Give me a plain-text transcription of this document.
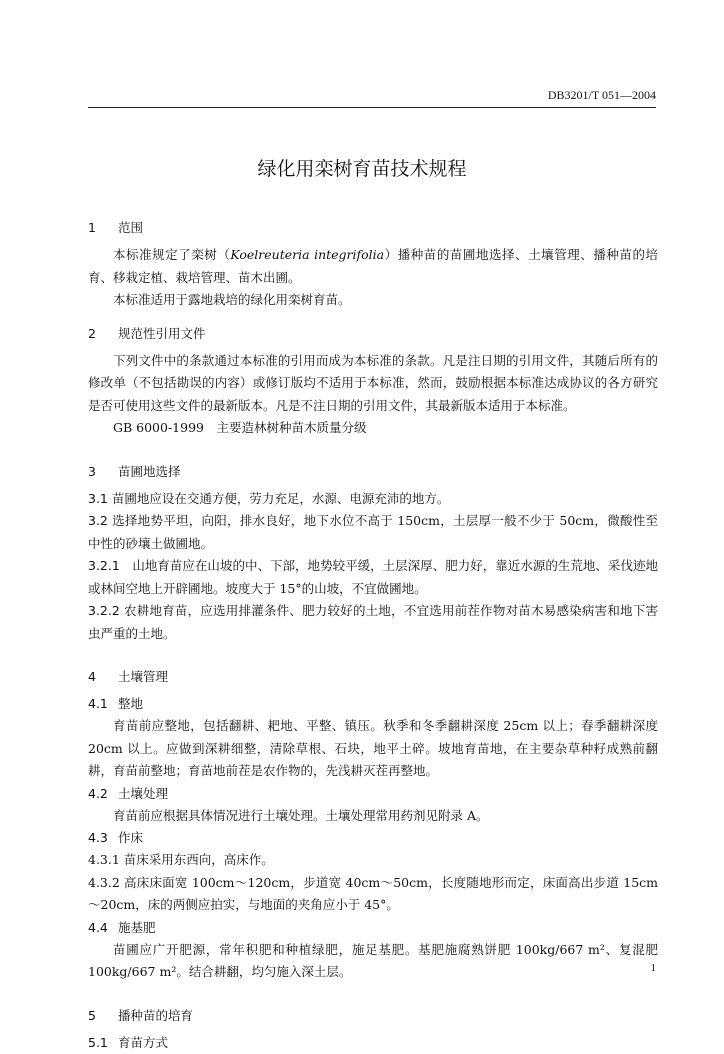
DB3201/T 051—2004
绿化用栾树育苗技术规程
1 范围
本标准规定了栾树（Koelreuteria integrifolia）播种苗的苗圃地选择、土壤管理、播种苗的培育、移栽定植、栽培管理、苗木出圃。
本标准适用于露地栽培的绿化用栾树育苗。
2 规范性引用文件
下列文件中的条款通过本标准的引用而成为本标准的条款。凡是注日期的引用文件，其随后所有的修改单（不包括勘误的内容）或修订版均不适用于本标准，然而，鼓励根据本标准达成协议的各方研究是否可使用这些文件的最新版本。凡是不注日期的引用文件，其最新版本适用于本标准。
GB 6000-1999　主要造林树种苗木质量分级
3 苗圃地选择
3.1 苗圃地应设在交通方便，劳力充足，水源、电源充沛的地方。
3.2 选择地势平坦，向阳，排水良好，地下水位不高于 150cm，土层厚一般不少于 50cm，微酸性至中性的砂壤土做圃地。
3.2.1　 山地育苗应在山坡的中、下部，地势较平缓，土层深厚、肥力好，靠近水源的生荒地、采伐迹地或林间空地上开辟圃地。坡度大于 15°的山坡，不宜做圃地。
3.2.2 农耕地育苗，应选用排灌条件、肥力较好的土地，不宜选用前茬作物对苗木易感染病害和地下害虫严重的土地。
4 土壤管理
4.1 整地
育苗前应整地，包括翻耕、耙地、平整、镇压。秋季和冬季翻耕深度 25cm 以上；春季翻耕深度 20cm 以上。应做到深耕细整，清除草根、石块，地平土碎。坡地育苗地，在主要杂草种籽成熟前翻耕，育苗前整地；育苗地前茬是农作物的，先浅耕灭茬再整地。
4.2 土壤处理
育苗前应根据具体情况进行土壤处理。土壤处理常用药剂见附录 A。
4.3 作床
4.3.1 苗床采用东西向，高床作。
4.3.2 高床床面宽 100cm～120cm，步道宽 40cm～50cm，长度随地形而定，床面高出步道 15cm～20cm，床的两侧应拍实，与地面的夹角应小于 45°。
4.4 施基肥
苗圃应广开肥源，常年积肥和种植绿肥，施足基肥。基肥施腐熟饼肥 100kg/667 m²、复混肥 100kg/667 m²。结合耕翻，均匀施入深土层。
5 播种苗的培育
5.1 育苗方式
1
